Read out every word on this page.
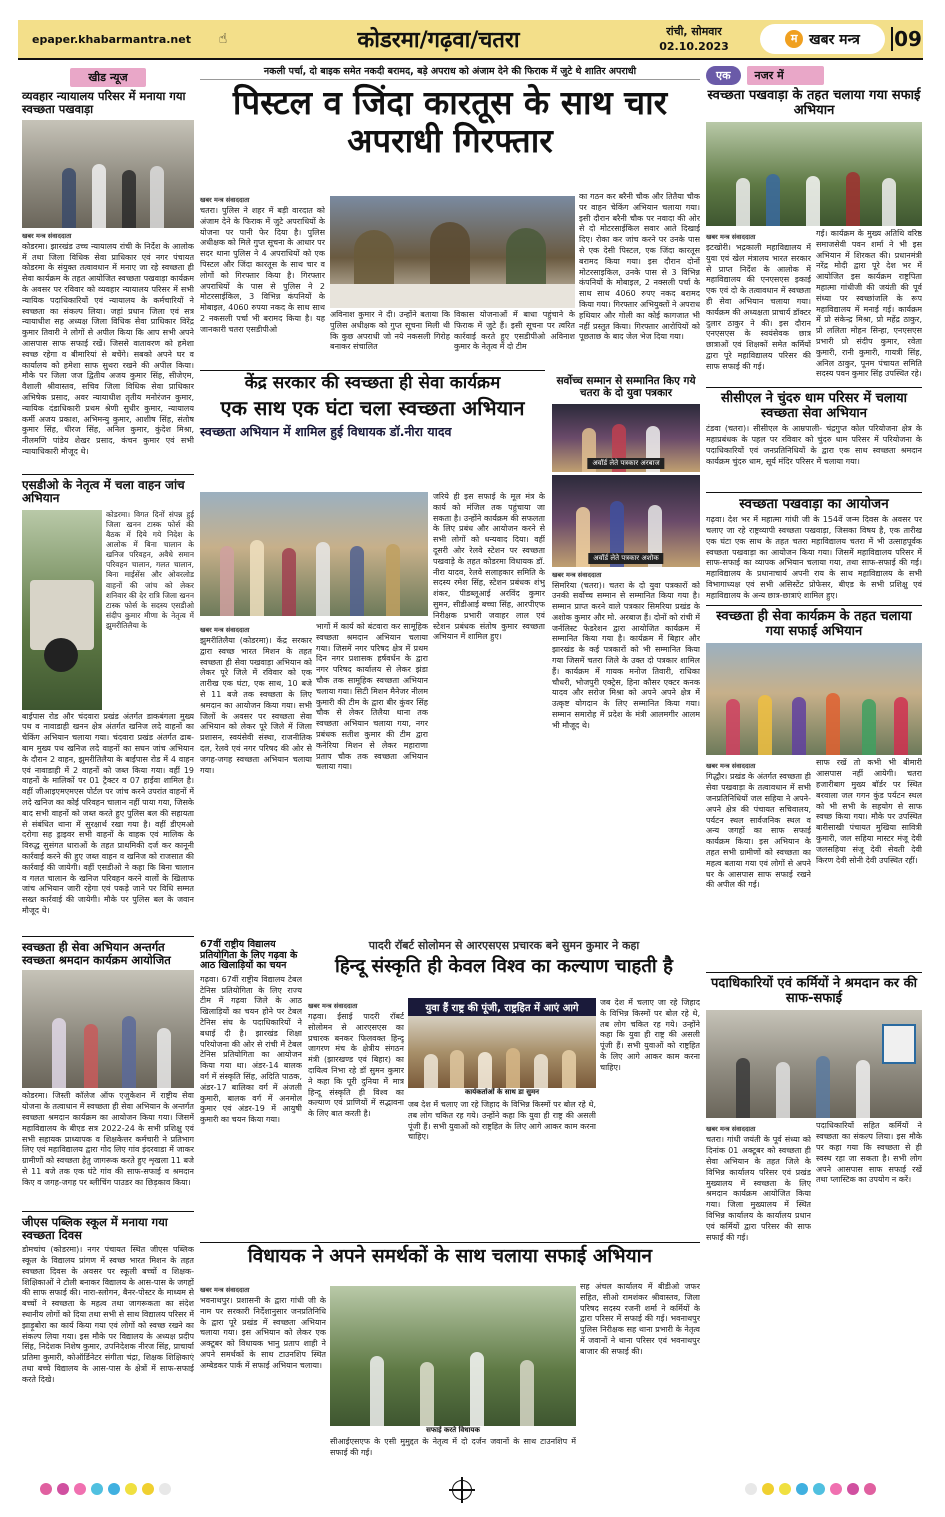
epaper.khabarmantra.net	☝	कोडरमा/गढ़वा/चतरा	रांची, सोमवार
02.10.2023
म खबर मन्त्र 09
खीड न्यूज
व्यवहार न्यायालय परिसर में मनाया गया स्वच्छता पखवाड़ा
खबर मन्त्र संवाददाता
कोडरमा। झारखंड उच्च न्यायालय रांची के निर्देश के आलोक में तथा जिला विधिक सेवा प्राधिकार एवं नगर पंचायत कोडरमा के संयुक्त तत्वावधान में मनाए जा रहे स्वच्छता ही सेवा कार्यक्रम के तहत आयोजित स्वच्छता पखवाड़ा कार्यक्रम के अवसर पर रविवार को व्यवहार न्यायालय परिसर में सभी न्यायिक पदाधिकारियों एवं न्यायालय के कर्मचारियों ने स्वच्छता का संकल्प लिया। जहां प्रधान जिला एवं सत्र न्यायाधीश सह अध्यक्ष जिला विधिक सेवा प्राधिकार विरेंद्र कुमार तिवारी ने लोगों से अपील किया कि आप सभी अपने आसपास साफ सफाई रखें। जिससे वातावरण को हमेशा स्वच्छ रहेगा व बीमारियां से बचेंगे। सबको अपने घर व कार्यालय को हमेशा साफ सुथरा रखने की अपील किया। मौके पर जिला जज द्वितीय अजय कुमार सिंह, सीजेएम, वैशाली श्रीवास्तव, सचिव जिला विधिक सेवा प्राधिकार अभिषेक प्रसाद, अवर न्यायाधीश तृतीय मनोरंजन कुमार, न्यायिक दंडाधिकारी प्रथम श्रेणी सुधीर कुमार, न्यायालय कर्मी अजय प्रकाश, अभिमन्यु कुमार, आशीष सिंह, संतोष कुमार सिंह, धीरज सिंह, अनिल कुमार, कुंदेश मिश्रा, नीलमणि पांडेय शेखर प्रसाद, कंचन कुमार एवं सभी न्यायाधिकारी मौजूद थे।
एसडीओ के नेतृत्व में चला वाहन जांच अभियान
कोडरमा। विगत दिनों संपन्न हुई जिला खनन टास्क फोर्स की बैठक में दिये गये निदेश के आलोक में बिना चालान के खनिज परिवहन, अवैधे समान परिवहन चालान, गलत चालान, बिना माईसेंस और ओवरलोड वाहनों की जांच को लेकर शनिवार की देर रात्रि जिला खनन टास्क फोर्स के सदस्य एसडीओ संदीप कुमार मीणा के नेतृत्व में झुमरीतिलैया के
बाईपास रोड और चंदवारा प्रखंड अंतर्गत डाकबंगला मुख्य पथ व नावाडाही खनन क्षेत्र अंतर्गत खनिज लदे वाहनों का चेकिंग अभियान चलाया गया। चंदवारा प्रखंड अंतर्गत ढाब-बाम मुख्य पथ खनिज लदे वाहनों का सघन जांच अभियान के दौरान 2 वाहन, झुमरीतिलैया के बाईपास रोड में 4 वाहन एवं नावाडाही में 2 वाहनों को जब्त किया गया। वहीं 19 वाहनों के मालिकों पर 01 ट्रैक्टर व 07 हाईवा शामिल है। वहीं जीआइएमएमएस पोर्टल पर जांच करने उपरांत वाहनों में लदे खनिज का कोई परिवहन चालान नहीं पाया गया, जिसके बाद सभी वाहनों को जब्त करते हुए पुलिस बल की सहायता से संबंधित थाना में सुरक्षार्थ रखा गया है। वहीं डीएमओ दरोगा सह ड्राइवर सभी वाहनों के वाहक एवं मालिक के विरुद्ध सुसंगत धाराओं के तहत प्राथमिकी दर्ज कर कानूनी कार्रवाई करने की हुए जब्त वाहन व खनिज को राजसात की कार्रवाई की जायेगी। वहीं एसडीओ ने कहा कि बिना चालान व गलत चालान के खनिज परिवहन करने वालों के खिलाफ जांच अभियान जारी रहेगा एवं पकड़े जाने पर विधि सम्मत सख्त कार्रवाई की जायेगी। मौके पर पुलिस बल के जवान मौजूद थे।
स्वच्छता ही सेवा अभियान अन्तर्गत स्वच्छता श्रमदान कार्यक्रम आयोजित
कोडरमा। जिस्ती कॉलेज ऑफ एजुकेशन में राष्ट्रीय सेवा योजना के तत्वाधान में स्वच्छता ही सेवा अभियान के अन्तर्गत स्वच्छता श्रमदान कार्यक्रम का आयोजन किया गया। जिसमें महाविद्यालय के बीएड सत्र 2022-24 के सभी प्रशिक्षु एवं सभी सहायक प्राध्यापक व शिक्षकेत्तर कर्मचारी ने प्रतिभाग लिए एवं महाविद्यालय द्वारा गोद लिए गांव इंदरवाडा में जाकर ग्रामीणों को स्वच्छता हेतु जागरूक करते हुए शृखला 11 बजे से 11 बजे तक एक घंटे गांव की साफ-सफाई व श्रमदान किए व जगह-जगह पर ब्लीचिंग पाउडर का छिड़काव किया।
जीएस पब्लिक स्कूल में मनाया गया स्वच्छता दिवस
डोमचांच (कोडरमा)। नगर पंचायत स्थित जीएस पब्लिक स्कूल के विद्यालय प्रांगण में स्वच्छ भारत मिशन के तहत स्वच्छता दिवस के अवसर पर स्कूली बच्चों व शिक्षक-शिक्षिकाओं ने टोली बनाकर विद्यालय के आस-पास के जगहों की साफ सफाई की। नारा-स्लोगन, बैनर-पोस्टर के माध्यम से बच्चों ने स्वच्छता के महत्व तथा जागरूकता का संदेश स्थानीय लोगों को दिया तथा सभी से साथ विद्यालय परिसर में झाड़ूबोरा का कार्य किया गया एवं लोगों को स्वच्छ रखने का संकल्प लिया गया। इस मौके पर विद्यालय के अध्यक्ष प्रदीप सिंह, निदेशक निशेष कुमार, उपनिदेशक नीरज सिंह, प्राचार्या प्रतिमा कुमारी, कोऑर्डिनेटर संगीता चंद्रा, शिक्षक शिक्षिकाएं तथा बच्चे विद्यालय के आस-पास के क्षेत्रों में साफ-सफाई करते दिखे।
नकली पर्चा, दो बाइक समेत नकदी बरामद, बड़े अपराध को अंजाम देने की फिराक में जुटे थे शातिर अपराधी
पिस्टल व जिंदा कारतूस के साथ चार अपराधी गिरफ्तार
खबर मन्त्र संवाददाता
चतरा। पुलिस ने शहर में बड़ी वारदात को अंजाम देने के फिराक में जुटे अपराधियों के योजना पर पानी फेर दिया है। पुलिस अधीक्षक को मिले गुप्त सूचना के आधार पर सदर थाना पुलिस ने 4 अपराधियों को एक पिस्टल और जिंदा कारतूस के साथ चार व लोगों को गिरफ्तार किया है। गिरफ्तार अपराधियों के पास से पुलिस ने 2 मोटरसाईकिल, 3 विभिन्न कंपनियों के मोबाइल, 4060 रुपया नकद के साथ साथ 2 नकसली पर्चा भी बरामद किया है। यह जानकारी चतरा एसडीपीओ
अविनाश कुमार ने दी। उन्होंने बताया कि पुलिस अधीक्षक को गुप्त सूचना मिली थी कि कुछ अपराधी जो नये नकसली गिरोह बनाकर संचालित
विकास योजनाओं में बाधा पहुंचाने के फिराक में जुटे हैं। इसी सूचना पर त्वरित कार्रवाई करते हुए एसडीपीओ अविनाश कुमार के नेतृत्व में दो टीम
का गठन कर बरैनी चौक और तितैया चौक पर वाहन चेकिंग अभियान चलाया गया। इसी दौरान बरैनी चौक पर नवादा की ओर से दो मोटरसाईकिल सवार आते दिखाई दिए। रोका कर जांच करने पर उनके पास से एक देसी पिस्टल, एक जिंदा कारतूस बरामद किया गया। इस दौरान दोनों मोटरसाइकिल, उनके पास से 3 विभिन्न कंपनियों के मोबाइल, 2 नक्सली पर्चा के साथ साथ 4060 रुपए नकद बरामद किया गया। गिरफ्तार अभियुक्तों ने अपराध हथियार और गोली का कोई कागजात भी नहीं प्रस्तुत किया। गिरफ्तार आरोपियों को पूछताछ के बाद जेल भेज दिया गया।
केंद्र सरकार की स्वच्छता ही सेवा कार्यक्रम
एक साथ एक घंटा चला स्वच्छता अभियान
स्वच्छता अभियान में शामिल हुई विधायक डॉ.नीरा यादव
खबर मन्त्र संवाददाता
झुमरीतिलैया (कोडरमा)। केंद्र सरकार द्वारा स्वच्छ भारत मिशन के तहत स्वच्छता ही सेवा पखवाड़ा अभियान को लेकर पूरे जिले में रविवार को एक तारीख एक घंटा, एक साथ, 10 बजे से 11 बजे तक स्वच्छता के लिए श्रमदान का आयोजन किया गया। सभी जिलों के अवसर पर स्वच्छता सेवा अभियान को लेकर पूरे जिले में जिला प्रशासन, स्वयंसेवी संस्था, राजनीतिक दल, रेलवे एवं नगर परिषद की ओर से जगह-जगह स्वच्छता अभियान चलाया गया।
भागों में कार्य को बंटवारा कर सामूहिक स्वच्छता श्रमदान अभियान चलाया गया। जिसमें नगर परिषद क्षेत्र में प्रथम दिन नगर प्रशासक हर्षवर्धन के द्वारा नगर परिषद कार्यालय से लेकर झंडा चौक तक सामूहिक स्वच्छता अभियान चलाया गया। सिटी मिशन मैनेजर नीलम कुमारी की टीम के द्वारा बीर कुंवर सिंह चौक से लेकर तिलैया थाना तक स्वच्छता अभियान चलाया गया, नगर प्रबंधक सतीश कुमार की टीम द्वारा कनेरिया मिशन से लेकर महाराणा प्रताप चौक तक स्वच्छता अभियान चलाया गया।
जरिये ही इस सफाई के मूल मंत्र के कार्य को मंजिल तक पहुंचाया जा सकता है। उन्होंने कार्यक्रम की सफलता के लिए प्रबंध और आयोजन करने से सभी लोगों को धन्यवाद दिया। वहीं दूसरी ओर रेलवे स्टेशन पर स्वच्छता पखवाड़े के तहत कोडरमा विधायक डॉ. नीरा यादव, रेलवे सलाहकार समिति के सदस्य रमेश सिंह, स्टेशन प्रबंधक शंभु शंकर, पीडब्लूआई अरविंद कुमार सुमन, सीडीआई बच्चा सिंह, आरपीएफ निरीक्षक प्रभारी जवाहर लाल एवं स्टेशन प्रबंधक संतोष कुमार स्वच्छता अभियान में शामिल हुए।
सर्वोच्च सम्मान से सम्मानित किए गये चतरा के दो युवा पत्रकार
अवॉर्ड लेते पत्रकार अरबाज
अवॉर्ड लेते पत्रकार अशोक
खबर मन्त्र संवाददाता
सिमरिया (चतरा)। चतरा के दो युवा पत्रकारों को उनकी सर्वोच्च सम्मान से सम्मानित किया गया है। सम्मान प्राप्त करने वाले पत्रकार सिमरिया प्रखंड के अशोक कुमार और मो. अरबाज हैं। दोनों को रांची में जर्नलिस्ट फेडरेशन द्वारा आयोजित कार्यक्रम में सम्मानित किया गया है। कार्यक्रम में बिहार और झारखंड के कई पत्रकारों को भी सम्मानित किया गया जिसमें चतरा जिले के उक्त दो पत्रकार शामिल हैं। कार्यक्रम में गायक मनोज तिवारी, राधिका चौधरी, भोजपुरी एक्ट्रेस, हिना कौसर एक्टर कनक यादव और सरोज मिश्रा को अपने अपने क्षेत्र में उत्कृष्ट योगदान के लिए सम्मानित किया गया। सम्मान समारोह में प्रदेश के मंत्री आलमगीर आलम भी मौजूद थे।
67वीं राष्ट्रीय विद्यालय प्रतियोगिता के लिए गढ़वा के आठ खिलाड़ियों का चयन
गढ़वा। 67वीं राष्ट्रीय विद्यालय टेबल टेनिस प्रतियोगिता के लिए राज्य टीम में गढ़वा जिले के आठ खिलाड़ियों का चयन होने पर टेबल टेनिस संघ के पदाधिकारियों ने बधाई दी है। झारखंड शिक्षा परियोजना की ओर से रांची में टेबल टेनिस प्रतियोगिता का आयोजन किया गया था। अंडर-14 बालक वर्ग में संस्कृति सिंह, अदिति पाठक, अंडर-17 बालिका वर्ग में अंजली कुमारी, बालक वर्ग में अनमोल कुमार एवं अंडर-19 में आयुषी कुमारी का चयन किया गया।
पादरी रॉबर्ट सोलोमन से आरएसएस प्रचारक बने सुमन कुमार ने कहा
हिन्दू संस्कृति ही केवल विश्व का कल्याण चाहती है
खबर मन्त्र संवाददाता
गढ़वा। ईसाई पादरी रॉबर्ट सोलोमन से आरएसएस का प्रचारक बनकर फिलवक्त हिन्दू जागरण मंच के क्षेत्रीय संगठन मंत्री (झारखण्ड एवं बिहार) का दायित्व निभा रहे डॉ सुमन कुमार ने कहा कि पूरी दुनिया में मात्र हिन्दू संस्कृति ही विश्व का कल्याण एवं प्राणियों में सद्भावना के लिए बात करती है।
युवा हैं राष्ट्र की पूंजी, राष्ट्रहित में आएं आगे
कार्यकर्ताओं के साथ डा सुमन
जब देश में चलाए जा रहे जिहाद के विभिन्न किस्मों पर बोल रहे थे, तब लोग चकित रह गये। उन्होंने कहा कि युवा ही राष्ट्र की असली पूंजी हैं। सभी युवाओं को राष्ट्रहित के लिए आगे आकर काम करना चाहिए।
जब देश में चलाए जा रहे जिहाद के विभिन्न किस्मों पर बोल रहे थे, तब लोग चकित रह गये। उन्होंने कहा कि युवा ही राष्ट्र की असली पूंजी हैं। सभी युवाओं को राष्ट्रहित के लिए आगे आकर काम करना चाहिए।
विधायक ने अपने समर्थकों के साथ चलाया सफाई अभियान
खबर मन्त्र संवाददाता
भवनाथपुर। प्रशासनी के द्वारा गांधी जी के नाम पर सरकारी निर्देशानुसार जनप्रतिनिधि के द्वारा पूरे प्रखंड में स्वच्छता अभियान चलाया गया। इस अभियान को लेकर एक अक्टूबर को विधायक भानु प्रताप शाही ने अपने समर्थकों के साथ टाउनशिप स्थित अम्बेडकर पार्क में सफाई अभियान चलाया।
सफाई करते विधायक
सीआईएसएफ के एसी मुमुद्दत के नेतृत्व में दो दर्जन जवानों के साथ टाउनशिप में सफाई की गई।
सह अंचल कार्यालय में बीडीओ जफर सहित, सीओ रामशंकर श्रीवास्तव, जिला परिषद सदस्य रजनी शर्मा ने कर्मियों के द्वारा परिसर में सफाई की गई। भवनाथपुर पुलिस निरीक्षक सह थाना प्रभारी के नेतृत्व में जवानों ने थाना परिसर एवं भवनाथपुर बाजार की सफाई की।
एक	नजर में
स्वच्छता पखवाड़ा के तहत चलाया गया सफाई अभियान
खबर मन्त्र संवाददाता
इटखोरी। भद्रकाली महाविद्यालय में युवा एवं खेल मंत्रालय भारत सरकार से प्राप्त निर्देश के आलोक में महाविद्यालय की एनएसएस इकाई एक एवं दो के तत्वावधान में स्वच्छता ही सेवा अभियान चलाया गया। कार्यक्रम की अध्यक्षता प्राचार्य डॉक्टर दुलार ठाकुर ने की। इस दौरान एनएसएस के स्वयंसेवक छात्र छात्राओं एवं शिक्षकों समेत कर्मियों द्वारा पूरे महाविद्यालय परिसर की साफ सफाई की गई।
गई। कार्यक्रम के मुख्य अतिथि वरिष्ठ समाजसेवी पवन शर्मा ने भी इस अभियान में शिरकत की। प्रधानमंत्री नरेंद्र मोदी द्वारा पूरे देश भर में आयोजित इस कार्यक्रम राष्ट्रपिता महात्मा गांधीजी की जयंती की पूर्व संध्या पर स्वच्छांजलि के रूप महाविद्यालय में मनाई गई। कार्यक्रम में प्रो संकेन्द्र मिश्रा, प्रो महेंद्र ठाकुर, प्रो ललिता मोहन सिन्हा, एनएसएस प्रभारी प्रो संदीप कुमार, रवेता कुमारी, रानी कुमारी, गायत्री सिंह, अनिल ठाकुर, पूनम पंचायत समिति सदस्य पवन कुमार सिंह उपस्थित रहे।
सीसीएल ने चुंदरु धाम परिसर में चलाया स्वच्छता सेवा अभियान
टंडवा (चतरा)। सीसीएल के आम्रपाली- चंद्रगुप्त कोल परियोजना क्षेत्र के महाप्रबंधक के पहल पर रविवार को चुंदरु धाम परिसर में परियोजना के पदाधिकारियों एवं जनप्रतिनिधियों के द्वारा एक साथ स्वच्छता श्रमदान कार्यक्रम चुंदरु धाम, सूर्य मंदिर परिसर में चलाया गया।
स्वच्छता पखवाड़ा का आयोजन
गढ़वा। देश भर में महात्मा गांधी जी के 154वें जन्म दिवस के अवसर पर चलाए जा रहे राष्ट्रव्यापी स्वच्छता पखवाड़ा, जिसका विषय है, एक तारीख एक घंटा एक साथ के तहत चतरा महाविद्यालय चतरा में भी उत्साहपूर्वक स्वच्छता पखवाड़ा का आयोजन किया गया। जिसमें महाविद्यालय परिसर में साफ-सफाई का व्यापक अभियान चलाया गया, तथा साफ-सफाई की गई। महाविद्यालय के प्रधानाचार्य अपनी राय के साथ महाविद्यालय के सभी विभागाध्यक्ष एवं सभी असिस्टेंट प्रोफेसर, बीएड के सभी प्रशिक्षु एवं महाविद्यालय के अन्य छात्र-छात्राएं शामिल हुए।
स्वच्छता ही सेवा कार्यक्रम के तहत चलाया गया सफाई अभियान
खबर मन्त्र संवाददाता
गिद्धौर। प्रखंड के अंतर्गत स्वच्छता ही सेवा पखवाड़ा के तत्वावधान में सभी जनप्रतिनिधियों जल सहिया ने अपने-अपने क्षेत्र की पंचायत सचिवालय, पर्यटन स्थल सार्वजनिक स्थल व अन्य जगहों का साफ सफाई कार्यक्रम किया। इस अभियान के तहत सभी ग्रामीणों को स्वच्छता का महत्व बताया गया एवं लोगों से अपने घर के आसपास साफ सफाई रखने की अपील की गई।
साफ रखें तो कभी भी बीमारी आसपास नहीं आयेगी। चतरा हजारीबाग मुख्य बॉर्डर पर स्थित बरवाला जल गगन कुंड पर्यटन स्थल को भी सभी के सहयोग से साफ स्वच्छ किया गया। मौके पर उपस्थित बारीसाखी पंचायत मुखिया सावित्री कुमारी, जल सहिया मास्टर मंजू देवी जलसहिया संजू देवी सेवती देवी किरण देवी सोनी देवी उपस्थित रहीं।
पदाधिकारियों एवं कर्मियों ने श्रमदान कर की साफ-सफाई
खबर मन्त्र संवाददाता
चतरा। गांधी जयंती के पूर्व संध्या को दिनांक 01 अक्टूबर को स्वच्छता ही सेवा अभियान के तहत जिले के विभिन्न कार्यालय परिसर एवं प्रखंड मुख्यालय में स्वच्छता के लिए श्रमदान कार्यक्रम आयोजित किया गया। जिला मुख्यालय में स्थित विभिन्न कार्यालय के कार्यालय प्रधान एवं कर्मियों द्वारा परिसर की साफ सफाई की गई।
पदाधिकारियों सहित कर्मियों ने स्वच्छता का संकल्प लिया। इस मौके पर कहा गया कि स्वच्छता से ही स्वस्थ रहा जा सकता है। सभी लोग अपने आसपास साफ सफाई रखें तथा प्लास्टिक का उपयोग न करें।
